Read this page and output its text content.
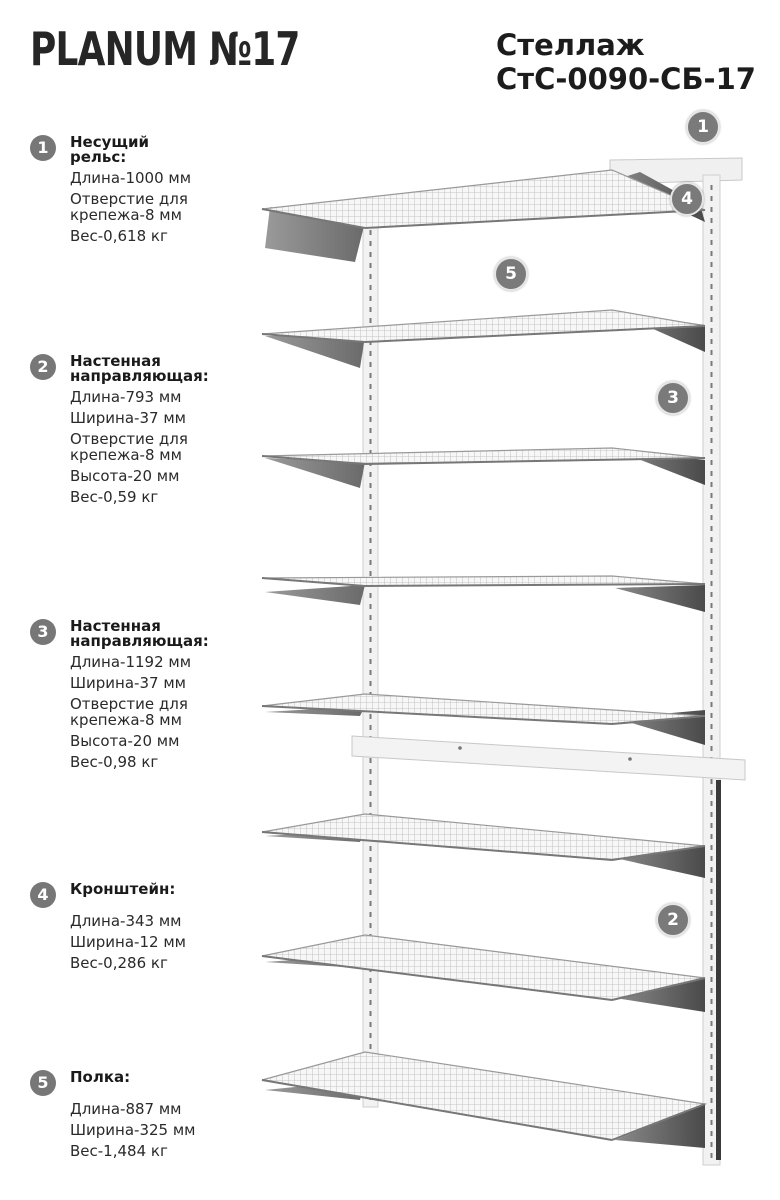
PLANUM №17	Стеллаж
СтС-0090-СБ-17
1	Несущий
рельс:
Длина-1000 мм
Отверстие для
крепежа-8 мм
Вес-0,618 кг
2	Настенная
направляющая:
Длина-793 мм
Ширина-37 мм
Отверстие для
крепежа-8 мм
Высота-20 мм
Вес-0,59 кг
3	Настенная
направляющая:
Длина-1192 мм
Ширина-37 мм
Отверстие для
крепежа-8 мм
Высота-20 мм
Вес-0,98 кг
4	Кронштейн:
Длина-343 мм
Ширина-12 мм
Вес-0,286 кг
5	Полка:
Длина-887 мм
Ширина-325 мм
Вес-1,484 кг
1
4
5
3
2
